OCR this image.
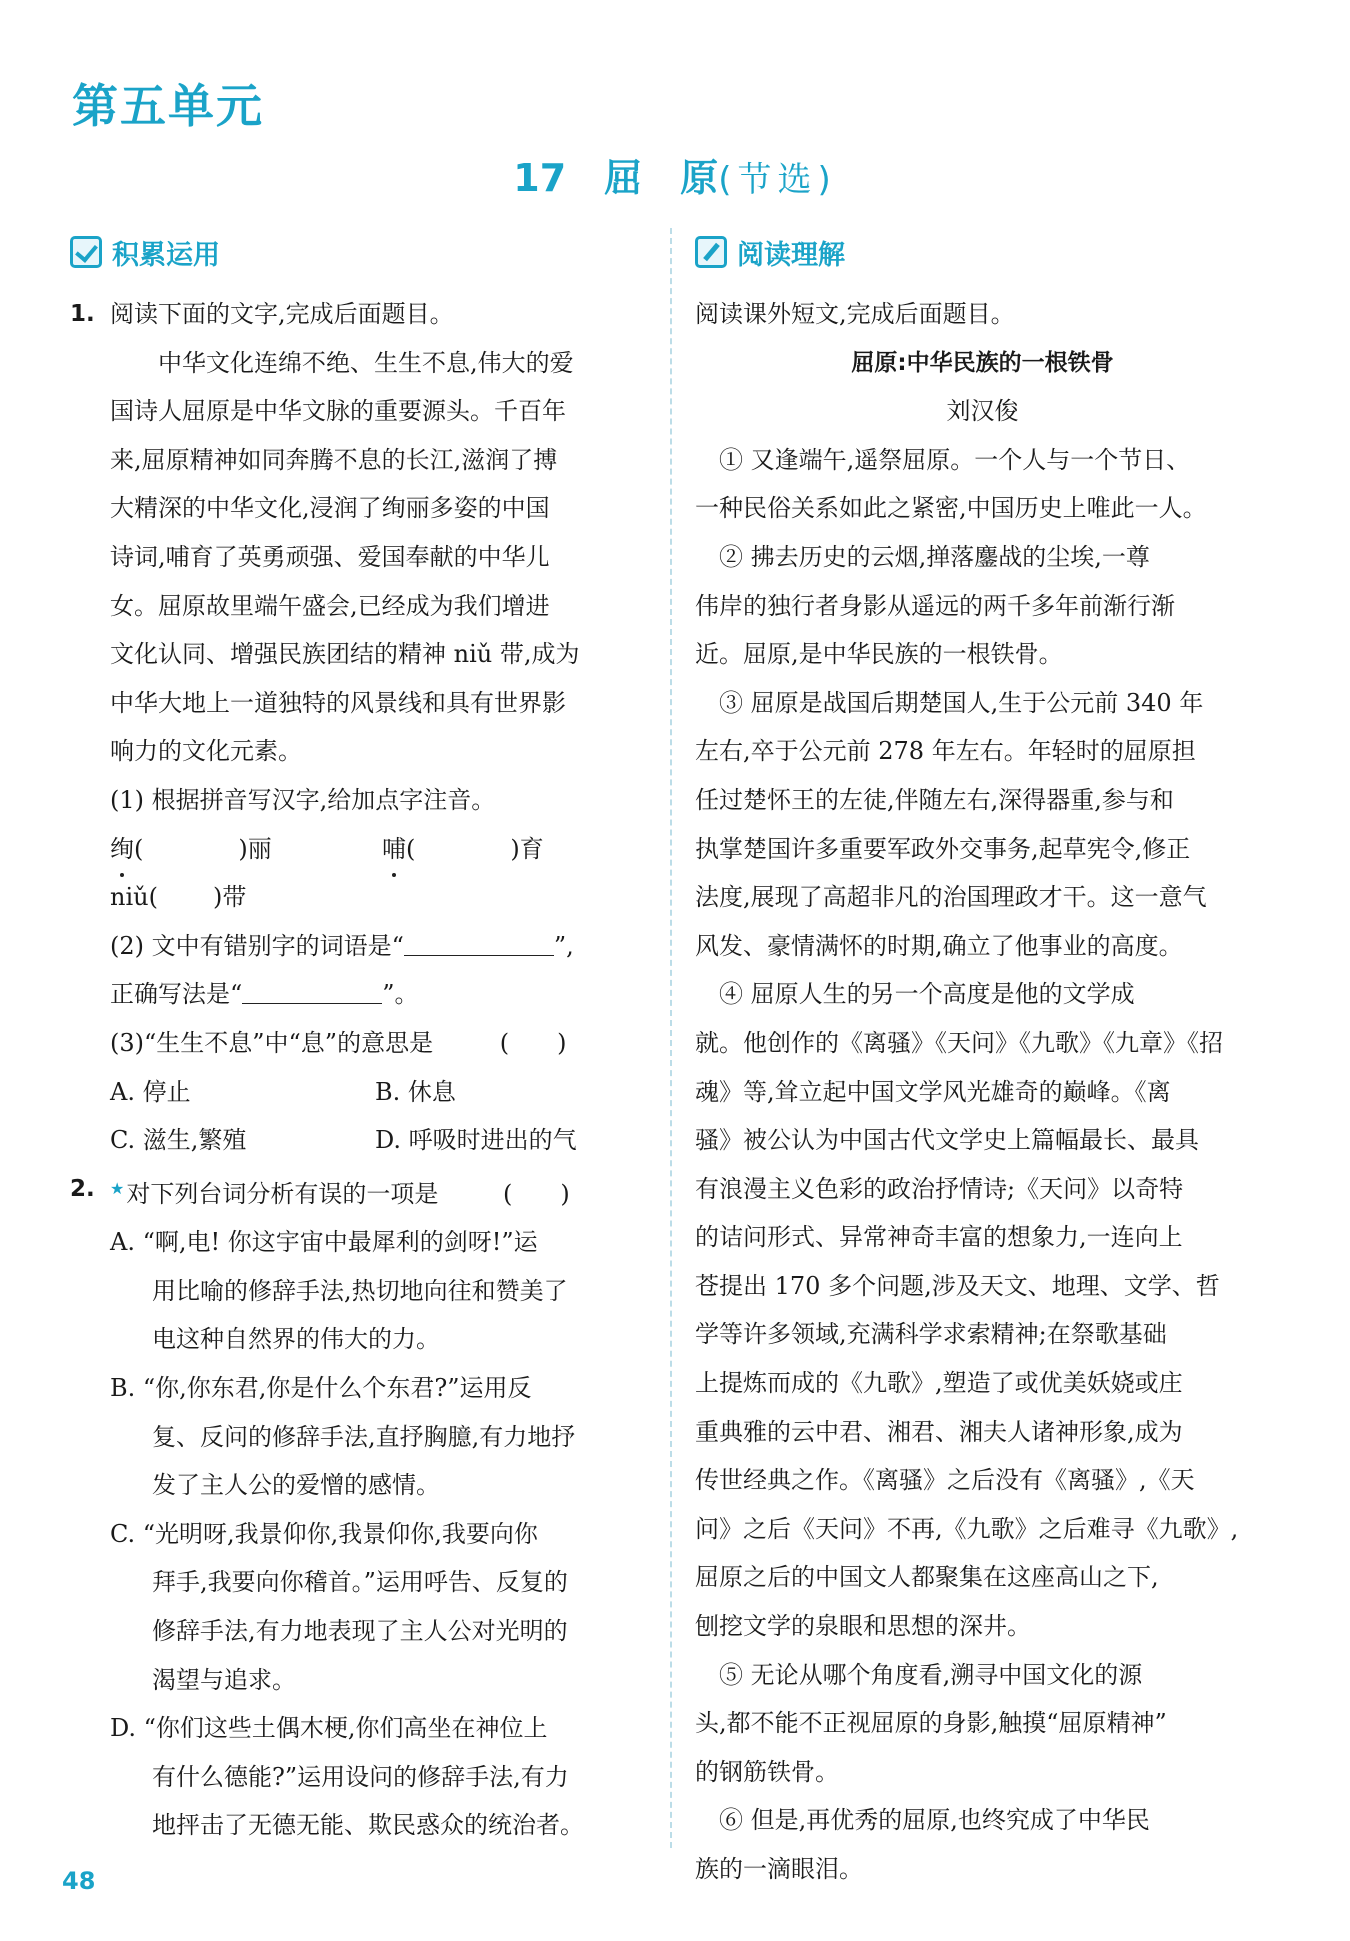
第五单元
17 屈　原(节选)
积累运用
1. 阅读下面的文字,完成后面题目。
中华文化连绵不绝、生生不息,伟大的爱
国诗人屈原是中华文脉的重要源头。千百年
来,屈原精神如同奔腾不息的长江,滋润了搏
大精深的中华文化,浸润了绚丽多姿的中国
诗词,哺育了英勇顽强、爱国奉献的中华儿
女。屈原故里端午盛会,已经成为我们增进
文化认同、增强民族团结的精神 niǔ 带,成为
中华大地上一道独特的风景线和具有世界影
响力的文化元素。
(1) 根据拼音写汉字,给加点字注音。
绚(	)丽	哺(	)育
niǔ( )带
(2) 文中有错别字的词语是“	”,
正确写法是“	”。
(3)“生生不息”中“息”的意思是	(　　)
A. 停止	B. 休息
C. 滋生,繁殖	D. 呼吸时进出的气
2. ★对下列台词分析有误的一项是	(　　)
A. “啊,电! 你这宇宙中最犀利的剑呀!”运
用比喻的修辞手法,热切地向往和赞美了
电这种自然界的伟大的力。
B. “你,你东君,你是什么个东君?”运用反
复、反问的修辞手法,直抒胸臆,有力地抒
发了主人公的爱憎的感情。
C. “光明呀,我景仰你,我景仰你,我要向你
拜手,我要向你稽首。”运用呼告、反复的
修辞手法,有力地表现了主人公对光明的
渴望与追求。
D. “你们这些土偶木梗,你们高坐在神位上
有什么德能?”运用设问的修辞手法,有力
地抨击了无德无能、欺民惑众的统治者。
阅读理解
阅读课外短文,完成后面题目。
屈原:中华民族的一根铁骨
刘汉俊
　① 又逢端午,遥祭屈原。一个人与一个节日、
一种民俗关系如此之紧密,中国历史上唯此一人。
　② 拂去历史的云烟,掸落鏖战的尘埃,一尊
伟岸的独行者身影从遥远的两千多年前渐行渐
近。屈原,是中华民族的一根铁骨。
　③ 屈原是战国后期楚国人,生于公元前 340 年
左右,卒于公元前 278 年左右。年轻时的屈原担
任过楚怀王的左徒,伴随左右,深得器重,参与和
执掌楚国许多重要军政外交事务,起草宪令,修正
法度,展现了高超非凡的治国理政才干。这一意气
风发、豪情满怀的时期,确立了他事业的高度。
　④ 屈原人生的另一个高度是他的文学成
就。他创作的《离骚》《天问》《九歌》《九章》《招
魂》等,耸立起中国文学风光雄奇的巅峰。《离
骚》被公认为中国古代文学史上篇幅最长、最具
有浪漫主义色彩的政治抒情诗;《天问》以奇特
的诘问形式、异常神奇丰富的想象力,一连向上
苍提出 170 多个问题,涉及天文、地理、文学、哲
学等许多领域,充满科学求索精神;在祭歌基础
上提炼而成的《九歌》,塑造了或优美妖娆或庄
重典雅的云中君、湘君、湘夫人诸神形象,成为
传世经典之作。《离骚》之后没有《离骚》,《天
问》之后《天问》不再,《九歌》之后难寻《九歌》,
屈原之后的中国文人都聚集在这座高山之下,
刨挖文学的泉眼和思想的深井。
　⑤ 无论从哪个角度看,溯寻中国文化的源
头,都不能不正视屈原的身影,触摸“屈原精神”
的钢筋铁骨。
　⑥ 但是,再优秀的屈原,也终究成了中华民
族的一滴眼泪。
48
